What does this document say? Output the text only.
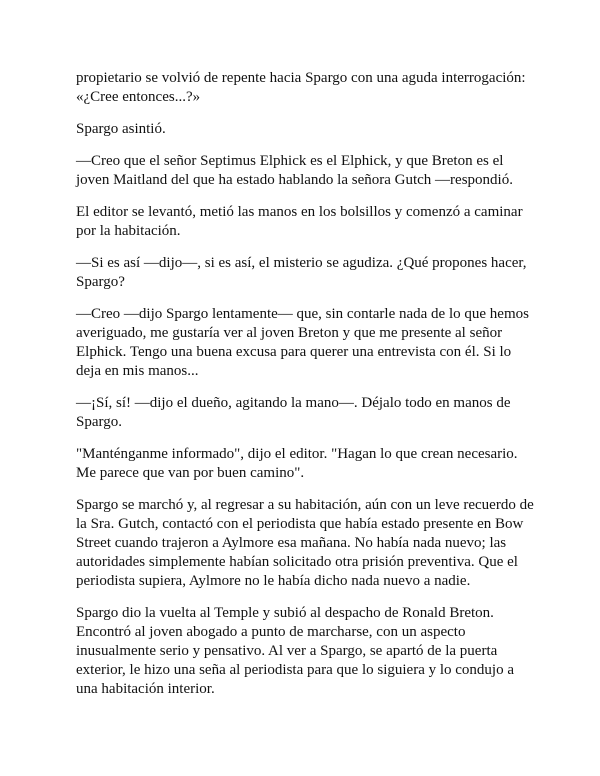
propietario se volvió de repente hacia Spargo con una aguda interrogación: «¿Cree entonces...?»

Spargo asintió.

—Creo que el señor Septimus Elphick es el Elphick, y que Breton es el joven Maitland del que ha estado hablando la señora Gutch —respondió.

El editor se levantó, metió las manos en los bolsillos y comenzó a caminar por la habitación.

—Si es así —dijo—, si es así, el misterio se agudiza. ¿Qué propones hacer, Spargo?

—Creo —dijo Spargo lentamente— que, sin contarle nada de lo que hemos averiguado, me gustaría ver al joven Breton y que me presente al señor Elphick. Tengo una buena excusa para querer una entrevista con él. Si lo deja en mis manos...

—¡Sí, sí! —dijo el dueño, agitando la mano—. Déjalo todo en manos de Spargo.

"Manténganme informado", dijo el editor. "Hagan lo que crean necesario. Me parece que van por buen camino".

Spargo se marchó y, al regresar a su habitación, aún con un leve recuerdo de la Sra. Gutch, contactó con el periodista que había estado presente en Bow Street cuando trajeron a Aylmore esa mañana. No había nada nuevo; las autoridades simplemente habían solicitado otra prisión preventiva. Que el periodista supiera, Aylmore no le había dicho nada nuevo a nadie.

Spargo dio la vuelta al Temple y subió al despacho de Ronald Breton. Encontró al joven abogado a punto de marcharse, con un aspecto inusualmente serio y pensativo. Al ver a Spargo, se apartó de la puerta exterior, le hizo una seña al periodista para que lo siguiera y lo condujo a una habitación interior.
